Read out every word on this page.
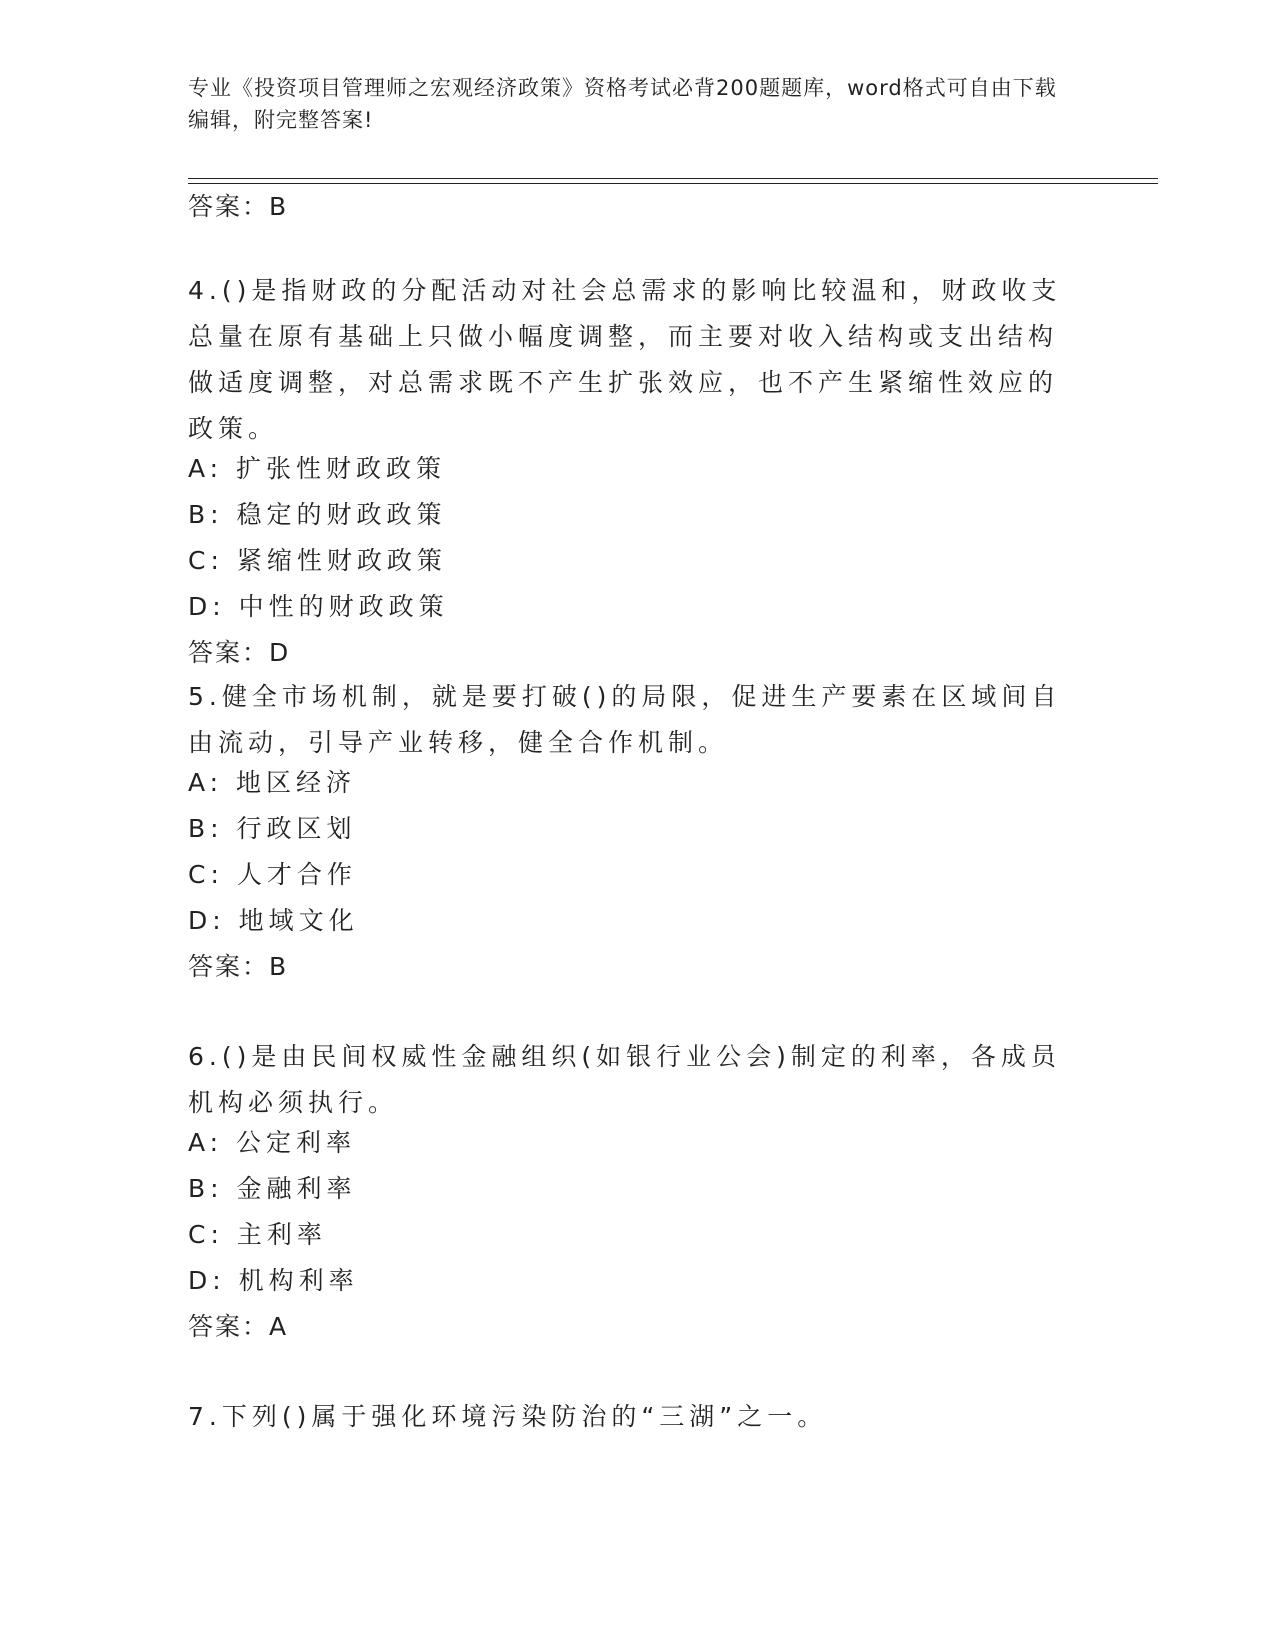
专业《投资项目管理师之宏观经济政策》资格考试必背200题题库，word格式可自由下载编辑，附完整答案!
答案：B
4.()是指财政的分配活动对社会总需求的影响比较温和，财政收支总量在原有基础上只做小幅度调整，而主要对收入结构或支出结构做适度调整，对总需求既不产生扩张效应，也不产生紧缩性效应的政策。
A: 扩张性财政政策
B: 稳定的财政政策
C: 紧缩性财政政策
D: 中性的财政政策
答案：D
5.健全市场机制，就是要打破()的局限，促进生产要素在区域间自由流动，引导产业转移，健全合作机制。
A: 地区经济
B: 行政区划
C: 人才合作
D: 地域文化
答案：B
6.()是由民间权威性金融组织(如银行业公会)制定的利率，各成员机构必须执行。
A: 公定利率
B: 金融利率
C: 主利率
D: 机构利率
答案：A
7.下列()属于强化环境污染防治的“三湖”之一。
